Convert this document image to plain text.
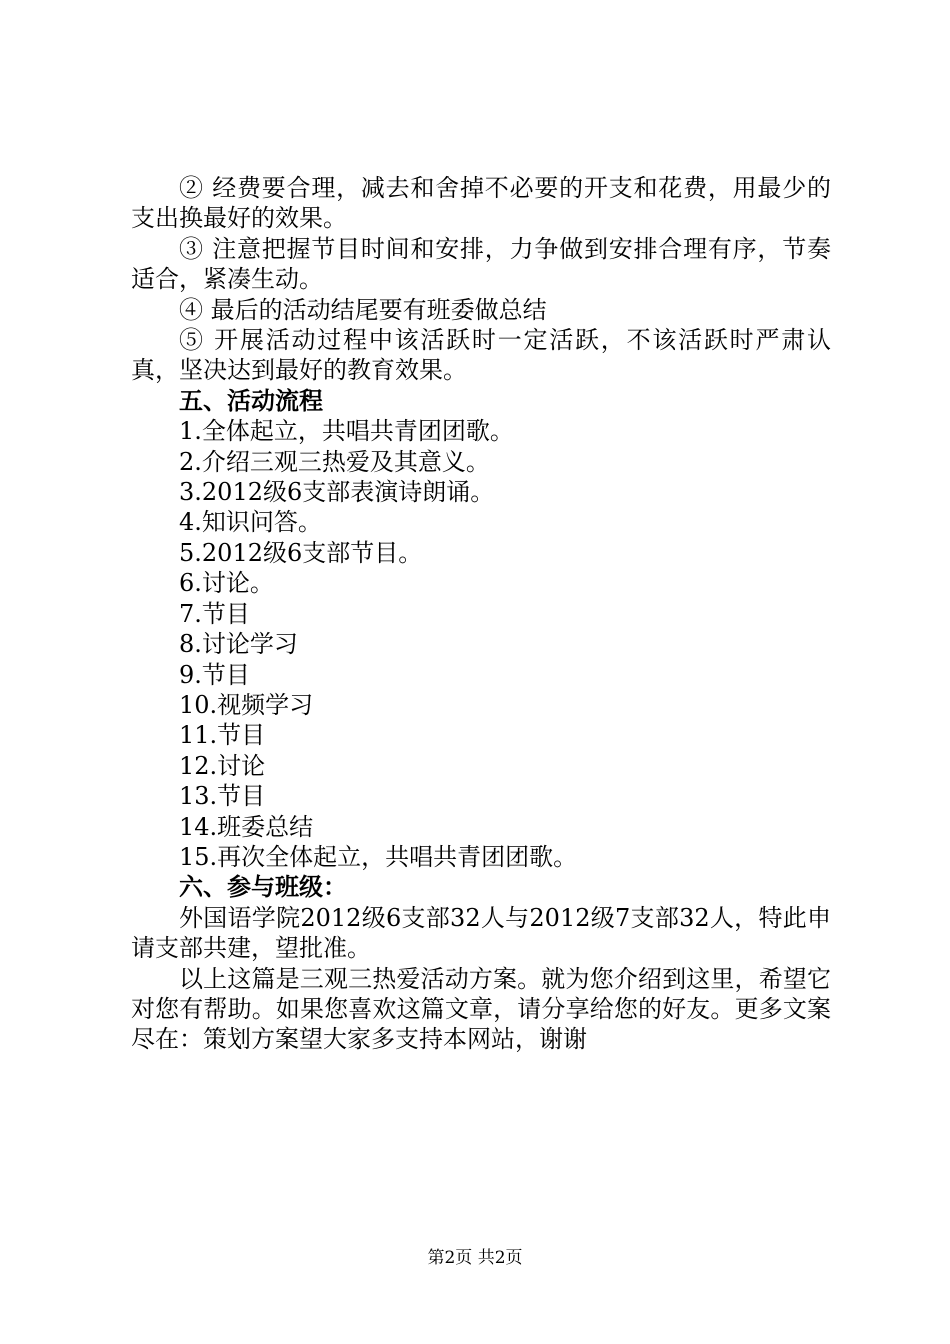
② 经费要合理，减去和舍掉不必要的开支和花费，用最少的支出换最好的效果。

③ 注意把握节目时间和安排，力争做到安排合理有序，节奏适合，紧凑生动。

④ 最后的活动结尾要有班委做总结

⑤ 开展活动过程中该活跃时一定活跃，不该活跃时严肃认真，坚决达到最好的教育效果。

五、活动流程

1.全体起立，共唱共青团团歌。

2.介绍三观三热爱及其意义。

3.2012级6支部表演诗朗诵。

4.知识问答。

5.2012级6支部节目。

6.讨论。

7.节目

8.讨论学习

9.节目

10.视频学习

11.节目

12.讨论

13.节目

14.班委总结

15.再次全体起立，共唱共青团团歌。

六、参与班级：

外国语学院2012级6支部32人与2012级7支部32人，特此申请支部共建，望批准。

以上这篇是三观三热爱活动方案。就为您介绍到这里，希望它对您有帮助。如果您喜欢这篇文章，请分享给您的好友。更多文案尽在：策划方案望大家多支持本网站，谢谢

第2页 共2页
